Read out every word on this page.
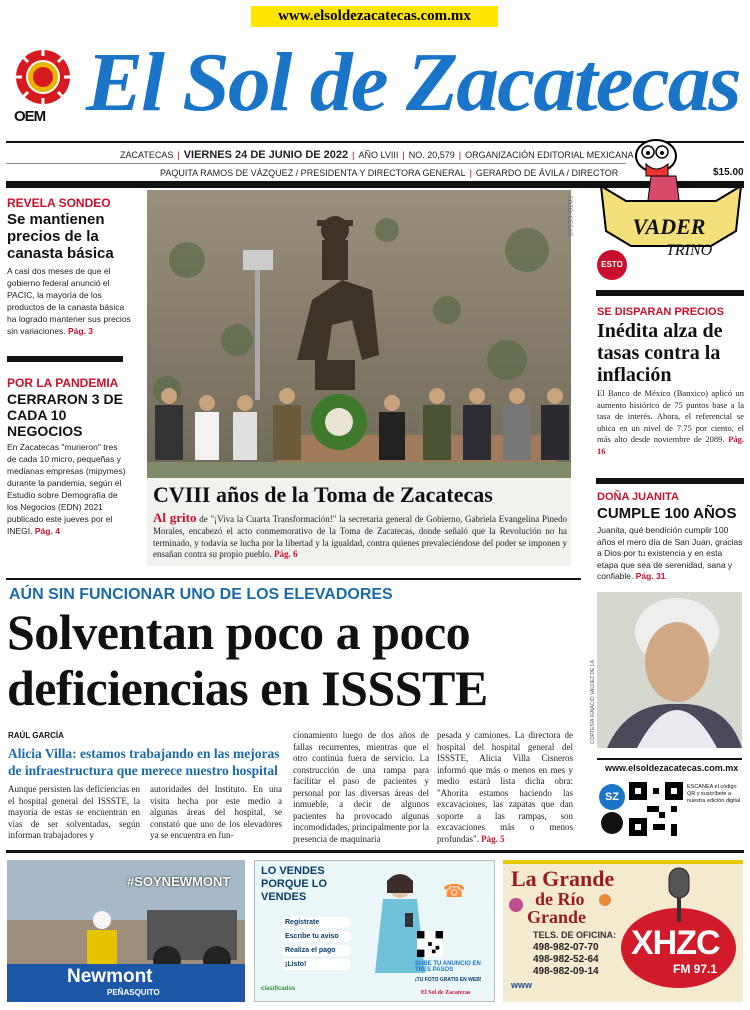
www.elsoldezacatecas.com.mx
OEM El Sol de Zacatecas
ZACATECAS | VIERNES 24 DE JUNIO DE 2022 | AÑO LVIII | NO. 20,579 | ORGANIZACIÓN EDITORIAL MEXICANA
PAQUITA RAMOS DE VÁZQUEZ / PRESIDENTA Y DIRECTORA GENERAL | GERARDO DE ÁVILA / DIRECTOR	$15.00
REVELA SONDEO
Se mantienen precios de la canasta básica
A casi dos meses de que el gobierno federal anunció el PACIC, la mayoría de los productos de la canasta básica ha logrado mantener sus precios sin variaciones. Pág. 3
POR LA PANDEMIA
CERRARON 3 DE CADA 10 NEGOCIOS
En Zacatecas "murieron" tres de cada 10 micro, pequeñas y medianas empresas (mipymes) durante la pandemia, según el Estudio sobre Demografía de los Negocios (EDN) 2021 publicado este jueves por el INEGI. Pág. 4
FOTO: CESAR
CVIII años de la Toma de Zacatecas
Al grito de "¡Viva la Cuarta Transformación!" la secretaria general de Gobierno, Gabriela Evangelina Pinedo Morales, encabezó el acto conmemorativo de la Toma de Zacatecas, donde señaló que la Revolución no ha terminado, y todavía se lucha por la libertad y la igualdad, contra quienes prevaleciéndose del poder se imponen y ensañan contra su propio pueblo. Pág. 6
VADER
TRINO
ESTO
SE DISPARAN PRECIOS
Inédita alza de tasas contra la inflación
El Banco de México (Banxico) aplicó un aumento histórico de 75 puntos base a la tasa de interés. Ahora, el referencial se ubica en un nivel de 7.75 por ciento, el más alto desde noviembre de 2089. Pág. 16
DOÑA JUANITA
CUMPLE 100 AÑOS
Juanita, qué bendición cumplir 100 años el mero día de San Juan, gracias a Dios por tu existencia y en esta etapa que sea de serenidad, sana y confiable. Pág. 31
CORTESÍA IGNACIO VALDEZ DE LA
AÚN SIN FUNCIONAR UNO DE LOS ELEVADORES
Solventan poco a poco deficiencias en ISSSTE
RAÚL GARCÍA
Alicia Villa: estamos trabajando en las mejoras de infraestructura que merece nuestro hospital
Aunque persisten las deficiencias en el hospital general del ISSSTE, la mayoría de estas se encuentran en vías de ser solventadas, según informan trabajadores y
autoridades del Instituto. En una visita hecha por este medio a algunas áreas del hospital, se constató que uno de los elevadores ya se encuentra en fun-
cionamiento luego de dos años de fallas recurrentes, mientras que el otro continúa fuera de servicio. La construcción de una rampa para facilitar el paso de pacientes y personal por las diversas áreas del inmueble, a decir de algunos pacientes ha provocado algunas incomodidades, principalmente por la presencia de maquinaria
pesada y camiones. La directora de hospital del hospital general del ISSSTE, Alicia Villa Cisneros informó que más o menos en mes y medio estará lista dicha obra: "Ahorita estamos haciendo las excavaciones, las zapatas que dan soporte a las rampas, son excavaciones más o menos profundas". Pág. 5
www.elsoldezacatecas.com.mx
SZ
ESCANEA el código QR y suscríbete a nuestra edición digital
#SOYNEWMONT
Newmont
PEÑASQUITO
LO VENDES PORQUE LO VENDES
Regístrate
Escribe tu aviso
Realiza el pago
¡Listo!
☎
SUBE TU ANUNCIO EN TRES PASOS
¡TU FOTO GRATIS EN WEB!
clasificados
El Sol de Zacatecas
La Grande
de Río
Grande
TELS. DE OFICINA:
498-982-07-70
498-982-52-64
498-982-09-14
www
XHZC
FM 97.1
